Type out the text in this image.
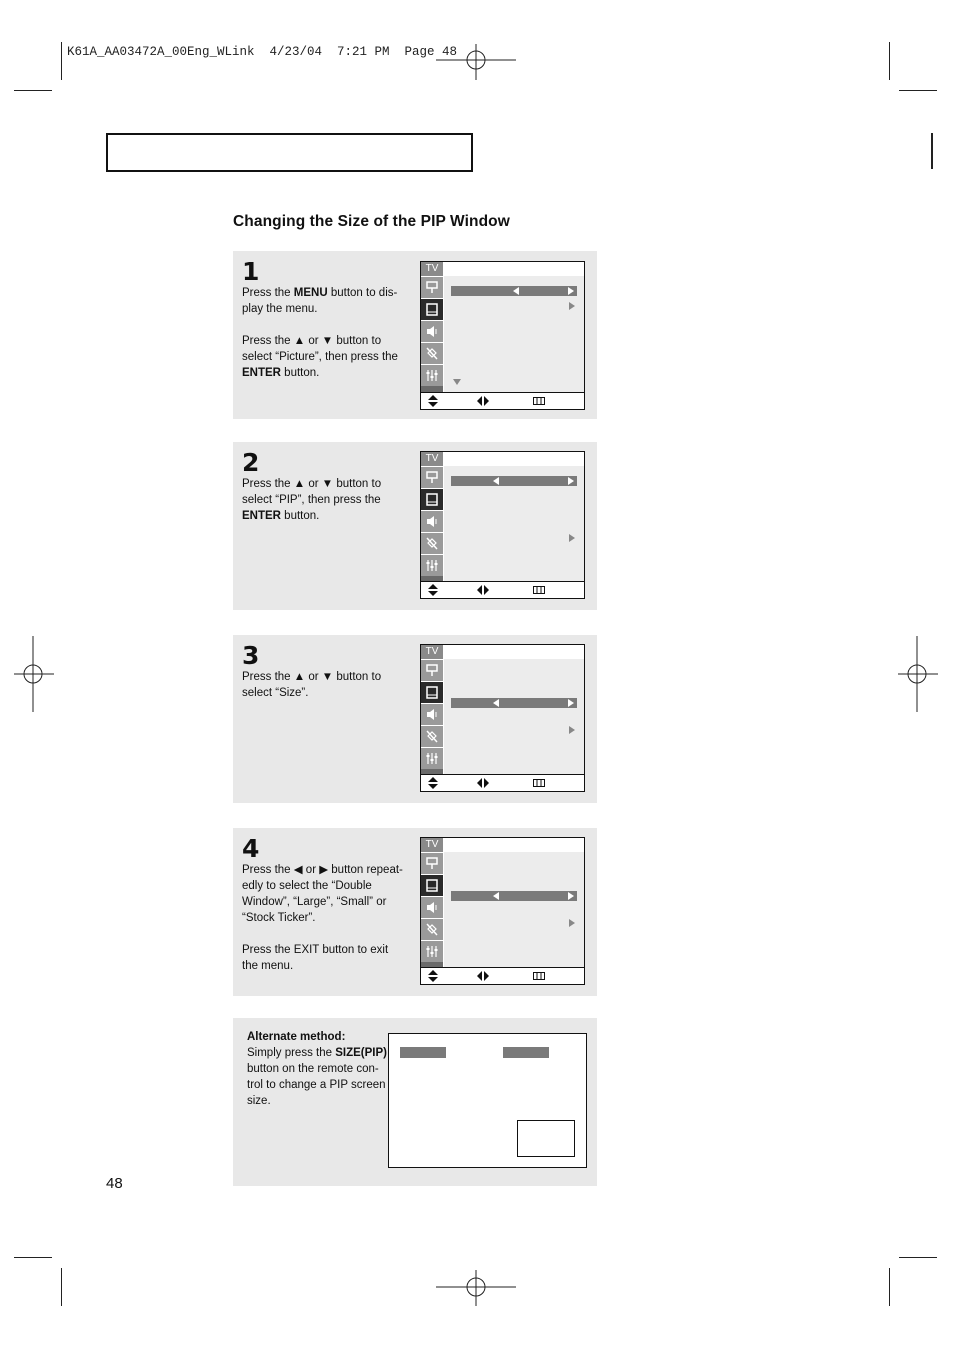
K61A_AA03472A_00Eng_WLink  4/23/04  7:21 PM  Page 48
Changing the Size of the PIP Window
1

Press the MENU button to dis-play the menu.

Press the ▲ or ▼ button to select “Picture”, then press the ENTER button.

TV
2

Press the ▲ or ▼ button to select “PIP”, then press the ENTER button.

TV
3

Press the ▲ or ▼ button to select “Size”.

TV
4

Press the ◀ or ▶ button repeat-edly to select the “Double Window”, “Large”, “Small” or “Stock Ticker”.

Press the EXIT button to exit the menu.

TV
Alternate method:
Simply press the SIZE(PIP) button on the remote con-trol to change a PIP screen size.
48
